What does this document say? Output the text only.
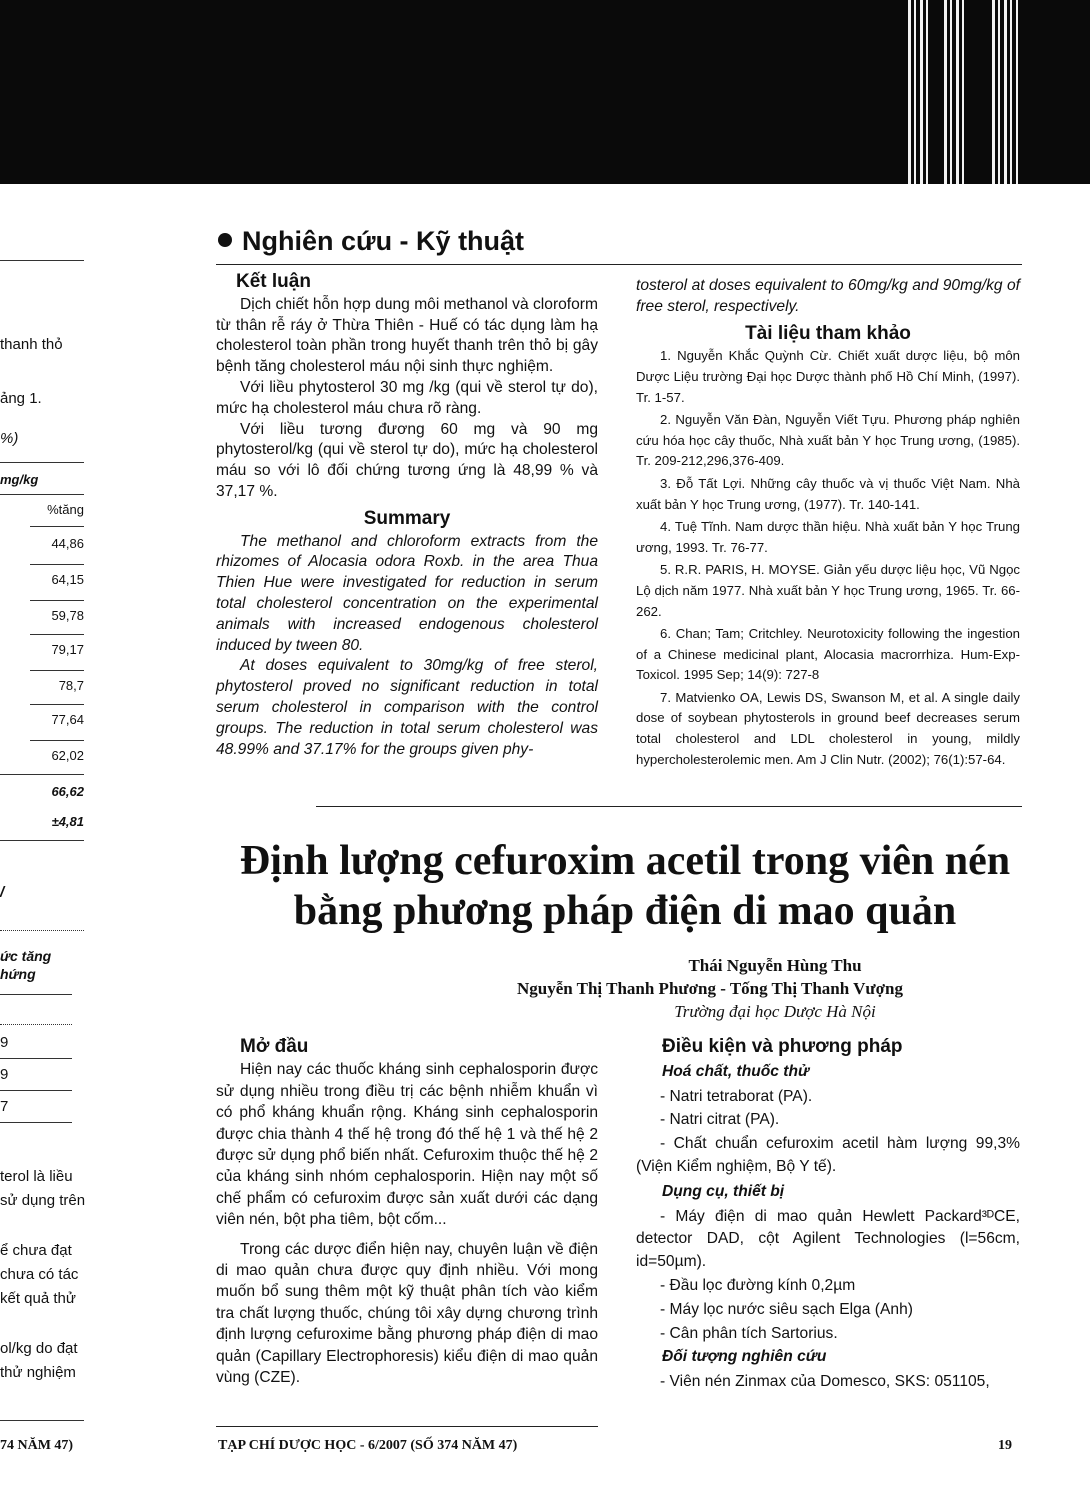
thanh thỏ
ảng 1.
%)
mg/kg
%tăng
44,86
64,15
59,78
79,17
78,7
77,64
62,02
66,62
±4,81
/
ức tăng
hứng
9
9
7
terol là liều
sử dụng trên
ể chưa đạt
chưa có tác
kết quả thử
ol/kg do đạt
thử nghiệm
74 NĂM 47)
Nghiên cứu - Kỹ thuật
Kết luận

Dịch chiết hỗn hợp dung môi methanol và cloroform từ thân rễ ráy ở Thừa Thiên - Huế có tác dụng làm hạ cholesterol toàn phần trong huyết thanh trên thỏ bị gây bệnh tăng cholesterol máu nội sinh thực nghiệm.

Với liều phytosterol 30 mg /kg (qui về sterol tự do), mức hạ cholesterol máu chưa rõ ràng.

Với liều tương đương 60 mg và 90 mg phytosterol/kg (qui về sterol tự do), mức hạ cholesterol máu so với lô đối chứng tương ứng là 48,99 % và 37,17 %.

Summary

The methanol and chloroform extracts from the rhizomes of Alocasia odora Roxb. in the area Thua Thien Hue were investigated for reduction in serum total cholesterol concentration on the experimental animals with increased endogenous cholesterol induced by tween 80.

At doses equivalent to 30mg/kg of free sterol, phytosterol proved no significant reduction in total serum cholesterol in comparison with the control groups. The reduction in total serum cholesterol was 48.99% and 37.17% for the groups given phy-

tosterol at doses equivalent to 60mg/kg and 90mg/kg of free sterol, respectively.

Tài liệu tham khảo

1. Nguyễn Khắc Quỳnh Cừ. Chiết xuất dược liệu, bộ môn Dược Liệu trường Đại học Dược thành phố Hồ Chí Minh, (1997). Tr. 1-57.

2. Nguyễn Văn Đàn, Nguyễn Viết Tựu. Phương pháp nghiên cứu hóa học cây thuốc, Nhà xuất bản Y học Trung ương, (1985). Tr. 209-212,296,376-409.

3. Đỗ Tất Lợi. Những cây thuốc và vị thuốc Việt Nam. Nhà xuất bản Y học Trung ương, (1977). Tr. 140-141.

4. Tuệ Tĩnh. Nam dược thần hiệu. Nhà xuất bản Y học Trung ương, 1993. Tr. 76-77.

5. R.R. PARIS, H. MOYSE. Giản yếu dược liệu học, Vũ Ngọc Lộ dịch năm 1977. Nhà xuất bản Y học Trung ương, 1965. Tr. 66-262.

6. Chan; Tam; Critchley. Neurotoxicity following the ingestion of a Chinese medicinal plant, Alocasia macrorrhiza. Hum-Exp-Toxicol. 1995 Sep; 14(9): 727-8

7. Matvienko OA, Lewis DS, Swanson M, et al. A single daily dose of soybean phytosterols in ground beef decreases serum total cholesterol and LDL cholesterol in young, mildly hypercholesterolemic men. Am J Clin Nutr. (2002); 76(1):57-64.

Định lượng cefuroxim acetil trong viên nén
bằng phương pháp điện di mao quản
Thái Nguyễn Hùng Thu
Nguyễn Thị Thanh Phương - Tống Thị Thanh Vượng
Trường đại học Dược Hà Nội
Mở đầu

Hiện nay các thuốc kháng sinh cephalosporin được sử dụng nhiều trong điều trị các bệnh nhiễm khuẩn vì có phổ kháng khuẩn rộng. Kháng sinh cephalosporin được chia thành 4 thế hệ trong đó thế hệ 1 và thế hệ 2 được sử dụng phổ biến nhất. Cefuroxim thuộc thế hệ 2 của kháng sinh nhóm cephalosporin. Hiện nay một số chế phẩm có cefuroxim được sản xuất dưới các dạng viên nén, bột pha tiêm, bột cốm...

Trong các dược điển hiện nay, chuyên luận về điện di mao quản chưa được quy định nhiều. Với mong muốn bổ sung thêm một kỹ thuật phân tích vào kiểm tra chất lượng thuốc, chúng tôi xây dựng chương trình định lượng cefuroxime bằng phương pháp điện di mao quản (Capillary Electrophoresis) kiểu điện di mao quản vùng (CZE).

Điều kiện và phương pháp

Hoá chất, thuốc thử

- Natri tetraborat (PA).

- Natri citrat (PA).

- Chất chuẩn cefuroxim acetil hàm lượng 99,3% (Viện Kiểm nghiệm, Bộ Y tế).

Dụng cụ, thiết bị

- Máy điện di mao quản Hewlett Packard³ᴰCE, detector DAD, cột Agilent Technologies (l=56cm, id=50µm).

- Đầu lọc đường kính 0,2µm

- Máy lọc nước siêu sạch Elga (Anh)

- Cân phân tích Sartorius.

Đối tượng nghiên cứu

- Viên nén Zinmax của Domesco, SKS: 051105,

TẠP CHÍ DƯỢC HỌC - 6/2007 (SỐ 374 NĂM 47)	19
